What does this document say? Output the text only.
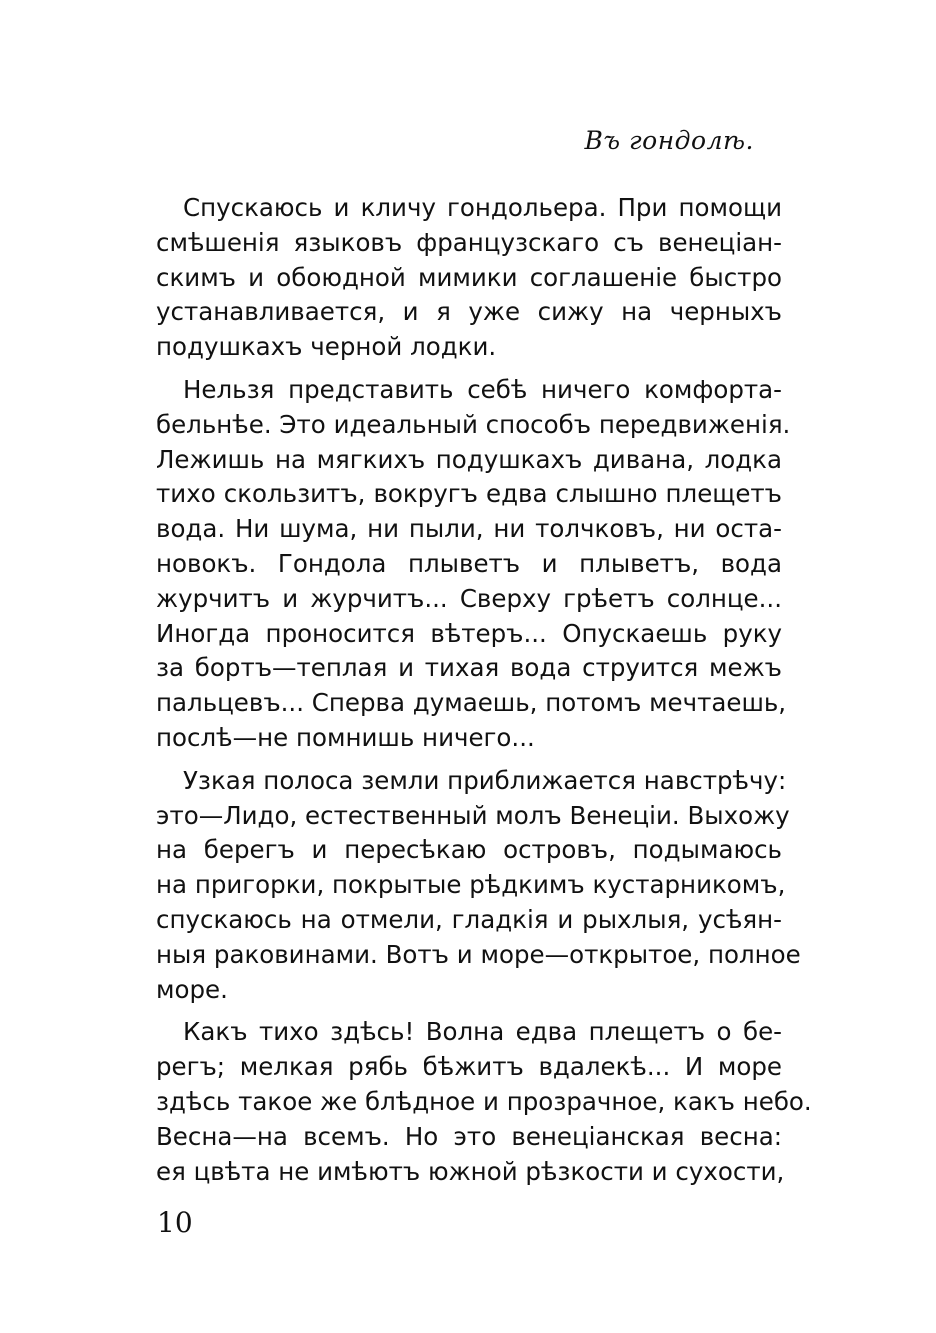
Въ гондолѣ.
Спускаюсь и кличу гондольера. При помощи
смѣшенія языковъ французскаго съ венеціан-
скимъ и обоюдной мимики соглашеніе быстро
устанавливается, и я уже сижу на черныхъ
подушкахъ черной лодки.
Нельзя представить себѣ ничего комфорта-
бельнѣе. Это идеальный способъ передвиженія.
Лежишь на мягкихъ подушкахъ дивана, лодка
тихо скользитъ, вокругъ едва слышно плещетъ
вода. Ни шума, ни пыли, ни толчковъ, ни оста-
новокъ. Гондола плыветъ и плыветъ, вода
журчитъ и журчитъ... Сверху грѣетъ солнце...
Иногда проносится вѣтеръ... Опускаешь руку
за бортъ—теплая и тихая вода струится межъ
пальцевъ... Сперва думаешь, потомъ мечтаешь,
послѣ—не помнишь ничего...
Узкая полоса земли приближается навстрѣчу:
это—Лидо, естественный молъ Венеціи. Выхожу
на берегъ и пересѣкаю островъ, подымаюсь
на пригорки, покрытые рѣдкимъ кустарникомъ,
спускаюсь на отмели, гладкія и рыхлыя, усѣян-
ныя раковинами. Вотъ и море—открытое, полное
море.
Какъ тихо здѣсь! Волна едва плещетъ о бе-
регъ; мелкая рябь бѣжитъ вдалекѣ... И море
здѣсь такое же блѣдное и прозрачное, какъ небо.
Весна—на всемъ. Но это венеціанская весна:
ея цвѣта не имѣютъ южной рѣзкости и сухости,
10
